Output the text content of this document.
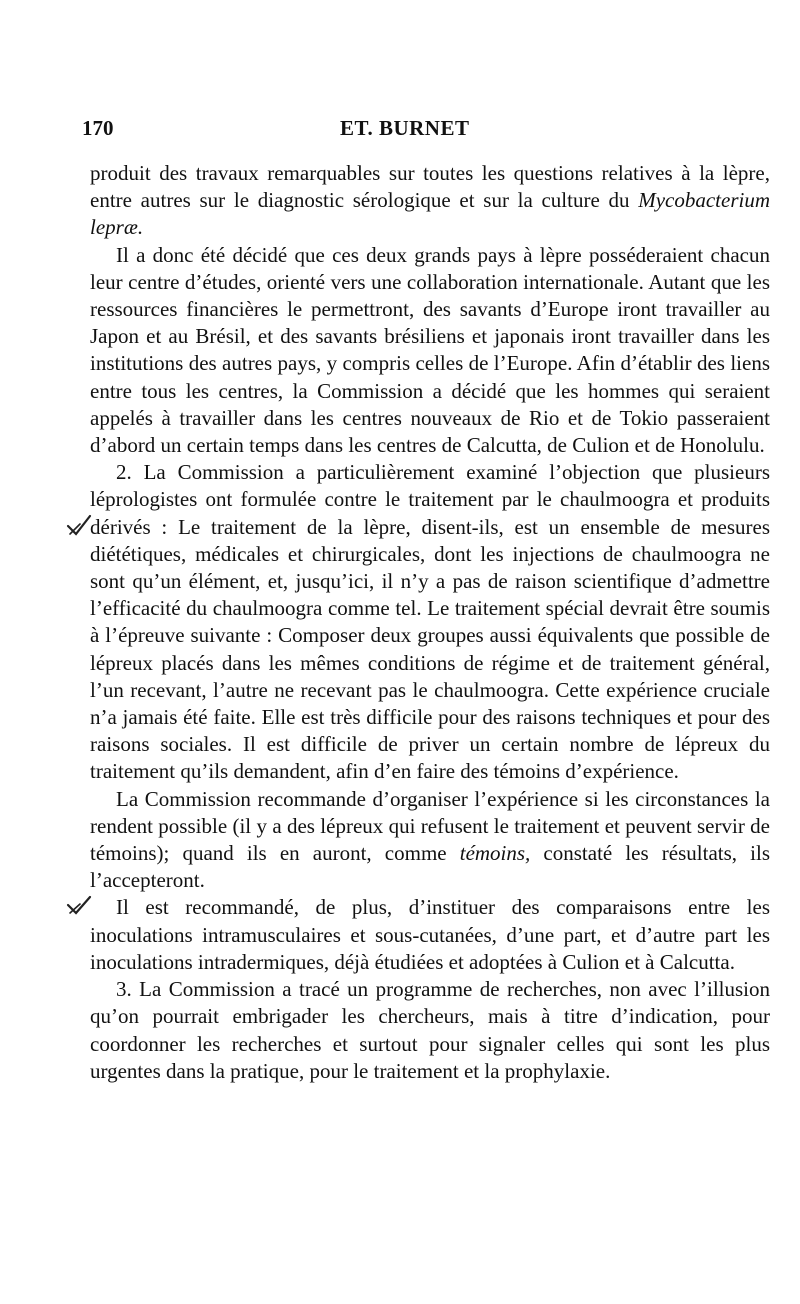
170	ET. BURNET

produit des travaux remarquables sur toutes les questions relatives à la lèpre, entre autres sur le diagnostic sérologique et sur la culture du Mycobacterium lepræ.

Il a donc été décidé que ces deux grands pays à lèpre posséderaient chacun leur centre d’études, orienté vers une collaboration internationale. Autant que les ressources financières le permettront, des savants d’Europe iront travailler au Japon et au Brésil, et des savants brésiliens et japonais iront travailler dans les institutions des autres pays, y compris celles de l’Europe. Afin d’établir des liens entre tous les centres, la Commission a décidé que les hommes qui seraient appelés à travailler dans les centres nouveaux de Rio et de Tokio passeraient d’abord un certain temps dans les centres de Calcutta, de Culion et de Honolulu.

2. La Commission a particulièrement examiné l’objection que plusieurs léprologistes ont formulée contre le traitement par le chaulmoogra et produits dérivés : Le traitement de la lèpre, disent-ils, est un ensemble de mesures diététiques, médicales et chirurgicales, dont les injections de chaulmoogra ne sont qu’un élément, et, jusqu’ici, il n’y a pas de raison scientifique d’admettre l’efficacité du chaulmoogra comme tel. Le traitement spécial devrait être soumis à l’épreuve suivante : Composer deux groupes aussi équivalents que possible de lépreux placés dans les mêmes conditions de régime et de traitement général, l’un recevant, l’autre ne recevant pas le chaulmoogra. Cette expérience cruciale n’a jamais été faite. Elle est très difficile pour des raisons techniques et pour des raisons sociales. Il est difficile de priver un certain nombre de lépreux du traitement qu’ils demandent, afin d’en faire des témoins d’expérience.

La Commission recommande d’organiser l’expérience si les circonstances la rendent possible (il y a des lépreux qui refusent le traitement et peuvent servir de témoins); quand ils en auront, comme témoins, constaté les résultats, ils l’accepteront.

Il est recommandé, de plus, d’instituer des comparaisons entre les inoculations intramusculaires et sous-cutanées, d’une part, et d’autre part les inoculations intradermiques, déjà étudiées et adoptées à Culion et à Calcutta.

3. La Commission a tracé un programme de recherches, non avec l’illusion qu’on pourrait embrigader les chercheurs, mais à titre d’indication, pour coordonner les recherches et surtout pour signaler celles qui sont les plus urgentes dans la pratique, pour le traitement et la prophylaxie.
